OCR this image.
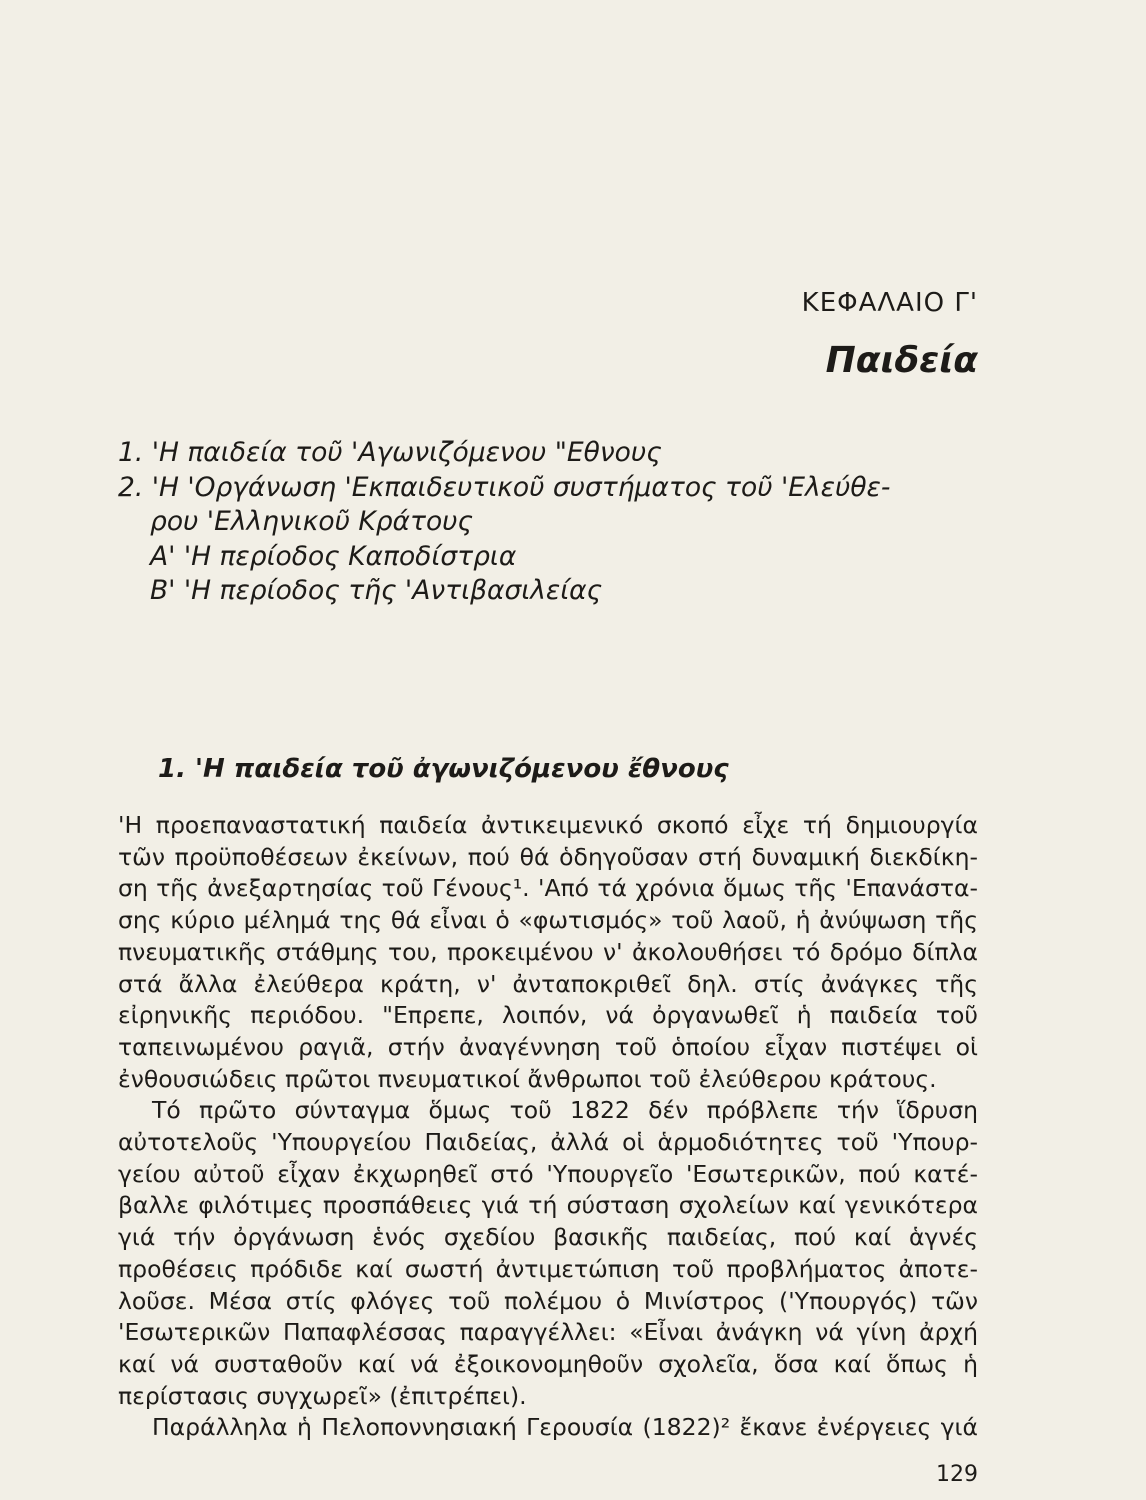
ΚΕΦΑΛΑΙΟ Γ'
Παιδεία
1. 'Η παιδεία τοῦ 'Αγωνιζόμενου "Εθνους
2. 'Η 'Οργάνωση 'Εκπαιδευτικοῦ συστήματος τοῦ 'Ελεύθε-
ρου 'Ελληνικοῦ Κράτους
Α' 'Η περίοδος Καποδίστρια
Β' 'Η περίοδος τῆς 'Αντιβασιλείας
1. 'Η παιδεία τοῦ ἀγωνιζόμενου ἔθνους
'Η προεπαναστατική παιδεία ἀντικειμενικό σκοπό εἶχε τή δημιουργία
τῶν προϋποθέσεων ἐκείνων, πού θά ὁδηγοῦσαν στή δυναμική διεκδίκη-
ση τῆς ἀνεξαρτησίας τοῦ Γένους¹. 'Από τά χρόνια ὅμως τῆς 'Επανάστα-
σης κύριο μέλημά της θά εἶναι ὁ «φωτισμός» τοῦ λαοῦ, ἡ ἀνύψωση τῆς
πνευματικῆς στάθμης του, προκειμένου ν' ἀκολουθήσει τό δρόμο δίπλα
στά ἄλλα ἐλεύθερα κράτη, ν' ἀνταποκριθεῖ δηλ. στίς ἀνάγκες τῆς
εἰρηνικῆς περιόδου. "Επρεπε, λοιπόν, νά ὀργανωθεῖ ἡ παιδεία τοῦ
ταπεινωμένου ραγιᾶ, στήν ἀναγέννηση τοῦ ὁποίου εἶχαν πιστέψει οἱ
ἐνθουσιώδεις πρῶτοι πνευματικοί ἄνθρωποι τοῦ ἐλεύθερου κράτους.
Τό πρῶτο σύνταγμα ὅμως τοῦ 1822 δέν πρόβλεπε τήν ἵδρυση
αὐτοτελοῦς 'Υπουργείου Παιδείας, ἀλλά οἱ ἁρμοδιότητες τοῦ 'Υπουρ-
γείου αὐτοῦ εἶχαν ἐκχωρηθεῖ στό 'Υπουργεῖο 'Εσωτερικῶν, πού κατέ-
βαλλε φιλότιμες προσπάθειες γιά τή σύσταση σχολείων καί γενικότερα
γιά τήν ὀργάνωση ἑνός σχεδίου βασικῆς παιδείας, πού καί ἁγνές
προθέσεις πρόδιδε καί σωστή ἀντιμετώπιση τοῦ προβλήματος ἀποτε-
λοῦσε. Μέσα στίς φλόγες τοῦ πολέμου ὁ Μινίστρος ('Υπουργός) τῶν
'Εσωτερικῶν Παπαφλέσσας παραγγέλλει: «Εἶναι ἀνάγκη νά γίνη ἀρχή
καί νά συσταθοῦν καί νά ἐξοικονομηθοῦν σχολεῖα, ὅσα καί ὅπως ἡ
περίστασις συγχωρεῖ» (ἐπιτρέπει).
Παράλληλα ἡ Πελοποννησιακή Γερουσία (1822)² ἔκανε ἐνέργειες γιά
129
